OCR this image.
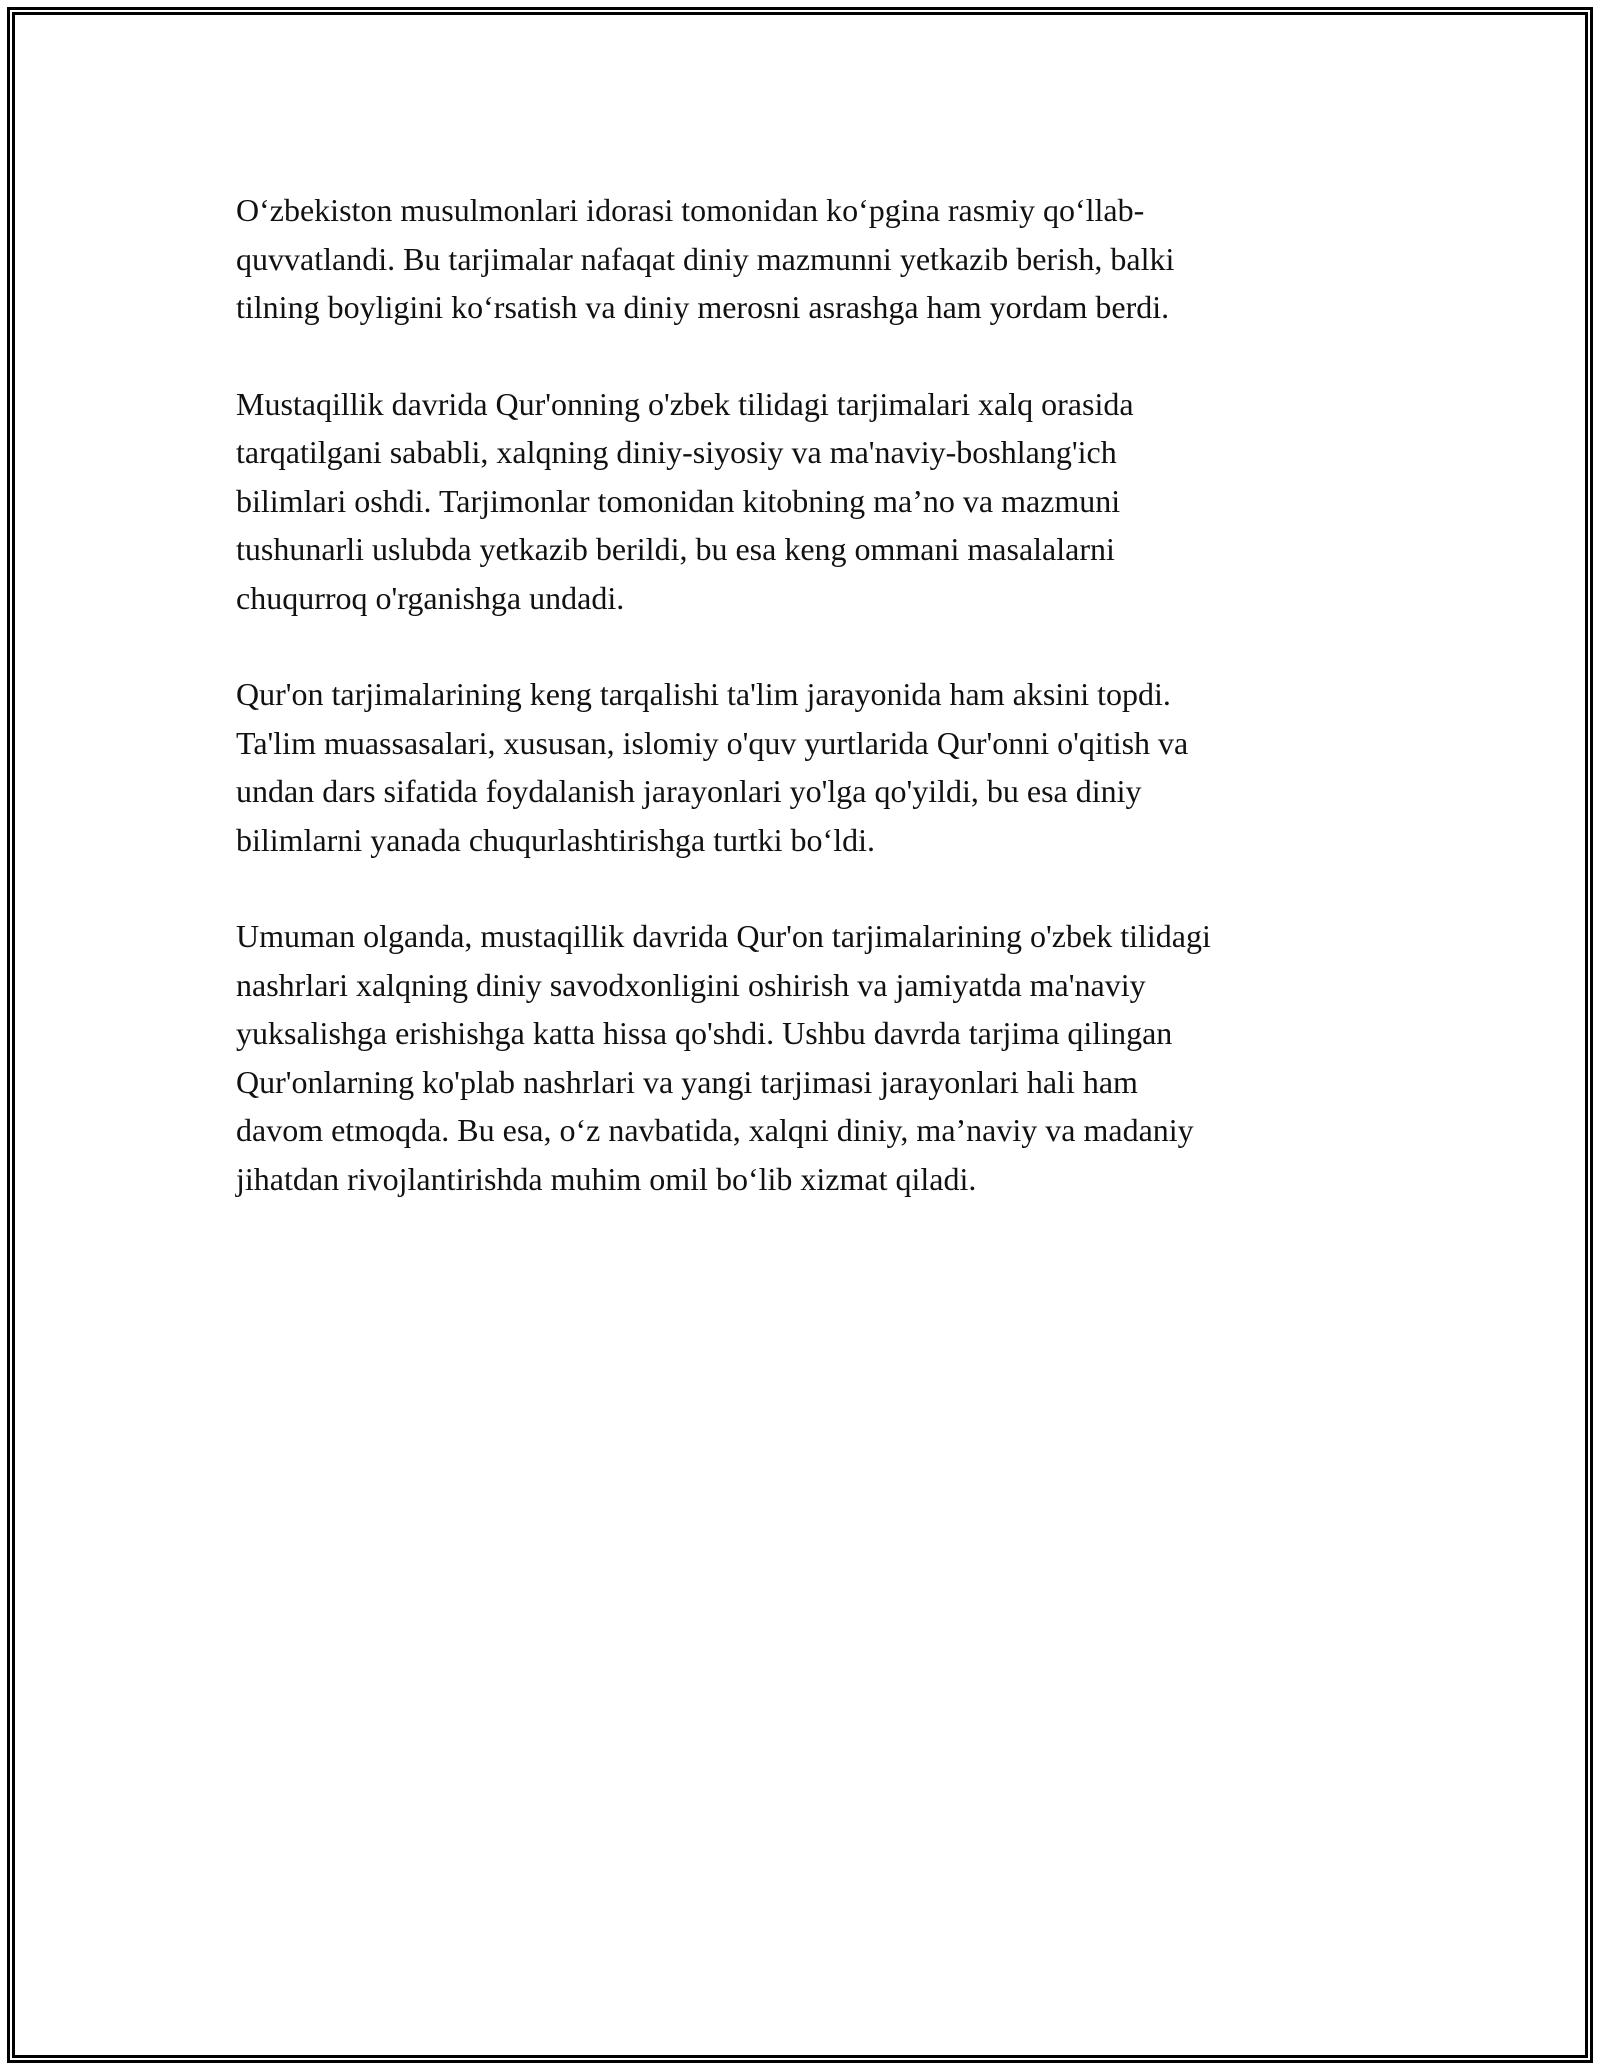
O‘zbekiston musulmonlari idorasi tomonidan ko‘pgina rasmiy qo‘llab-
quvvatlandi. Bu tarjimalar nafaqat diniy mazmunni yetkazib berish, balki
tilning boyligini ko‘rsatish va diniy merosni asrashga ham yordam berdi.

Mustaqillik davrida Qur'onning o'zbek tilidagi tarjimalari xalq orasida
tarqatilgani sababli, xalqning diniy-siyosiy va ma'naviy-boshlang'ich
bilimlari oshdi. Tarjimonlar tomonidan kitobning ma’no va mazmuni
tushunarli uslubda yetkazib berildi, bu esa keng ommani masalalarni
chuqurroq o'rganishga undadi.

Qur'on tarjimalarining keng tarqalishi ta'lim jarayonida ham aksini topdi.
Ta'lim muassasalari, xususan, islomiy o'quv yurtlarida Qur'onni o'qitish va
undan dars sifatida foydalanish jarayonlari yo'lga qo'yildi, bu esa diniy
bilimlarni yanada chuqurlashtirishga turtki bo‘ldi.

Umuman olganda, mustaqillik davrida Qur'on tarjimalarining o'zbek tilidagi
nashrlari xalqning diniy savodxonligini oshirish va jamiyatda ma'naviy
yuksalishga erishishga katta hissa qo'shdi. Ushbu davrda tarjima qilingan
Qur'onlarning ko'plab nashrlari va yangi tarjimasi jarayonlari hali ham
davom etmoqda. Bu esa, o‘z navbatida, xalqni diniy, ma’naviy va madaniy
jihatdan rivojlantirishda muhim omil bo‘lib xizmat qiladi.
